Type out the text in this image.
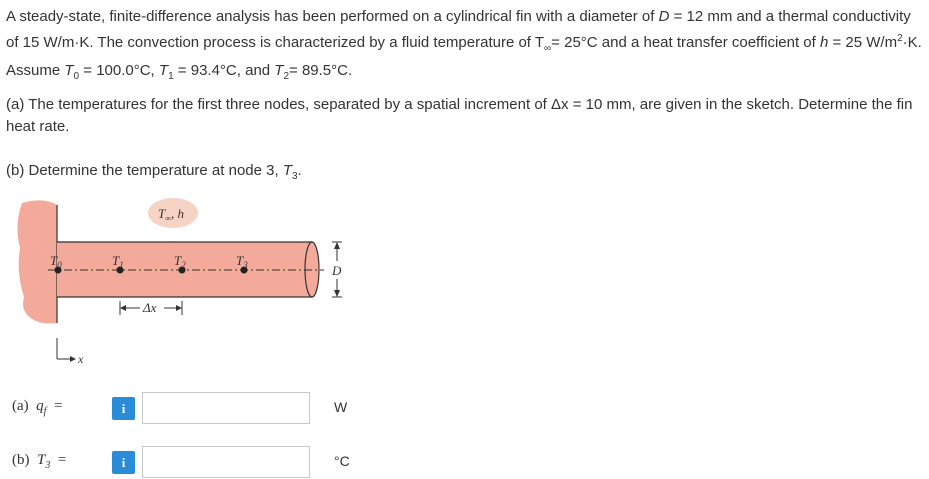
A steady-state, finite-difference analysis has been performed on a cylindrical fin with a diameter of D = 12 mm and a thermal conductivity of 15 W/m·K. The convection process is characterized by a fluid temperature of $T_\infty= 25^\circ C$ and a heat transfer coefficient of h = 25 $W/m^2\cdot K$. Assume $T_0 = 100.0^\circ C$, $T_1 = 93.4^\circ C$, and $T_2= 89.5^\circ C$.
(a) The temperatures for the first three nodes, separated by a spatial increment of Δx = 10 mm, are given in the sketch. Determine the fin heat rate.
(b) Determine the temperature at node 3, $T_3$.
$T_\infty$, h
$T_0$	$T_1$	$T_2$	$T_3$	D
Δx
x
(a) $q_f$ =	i	W
(b) $T_3$ =	i	°C
